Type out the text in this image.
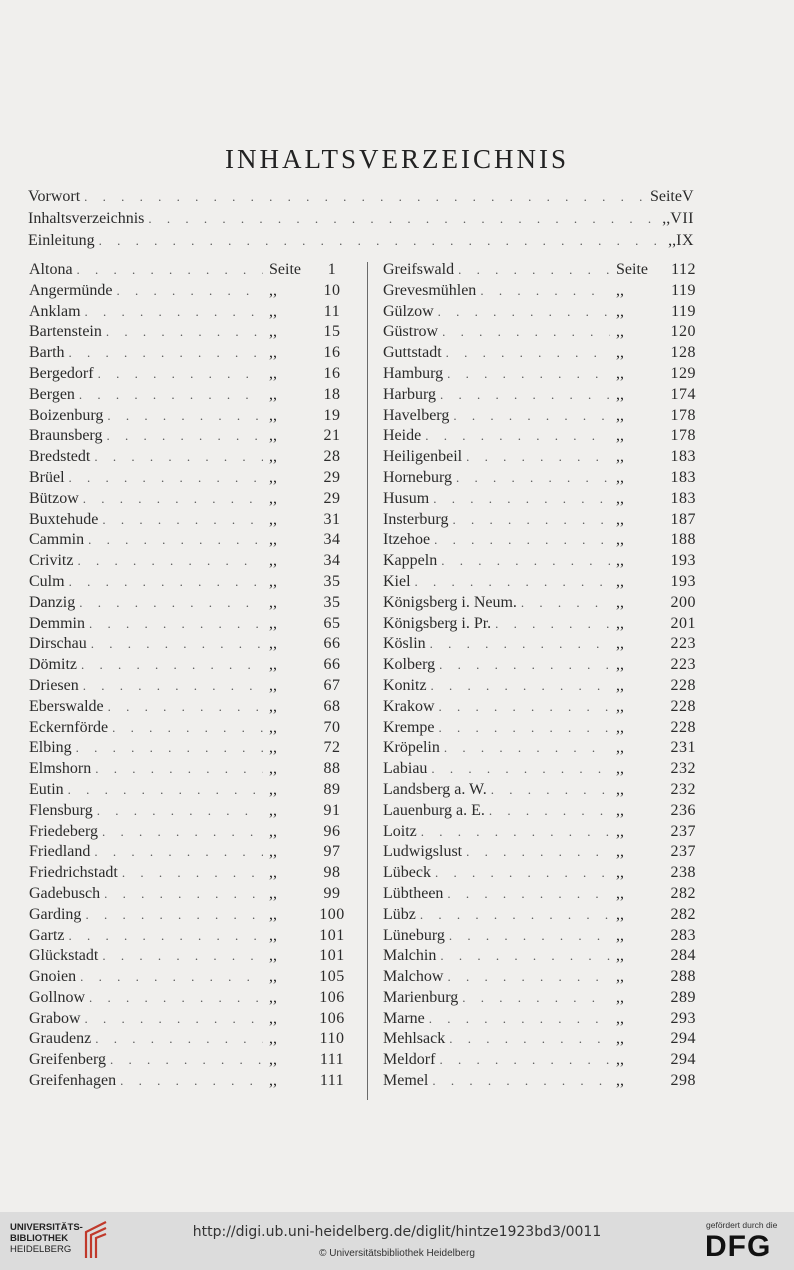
INHALTSVERZEICHNIS
Vorwort . . .	Seite V
Inhaltsverzeichnis . . .	,, VII
Einleitung . . .	,, IX
Altona . . .	Seite	1
Angermünde . . .	,,	10
Anklam . . .	,,	11
Bartenstein . . .	,,	15
Barth . . .	,,	16
Bergedorf . . .	,,	16
Bergen . . .	,,	18
Boizenburg . . .	,,	19
Braunsberg . . .	,,	21
Bredstedt . . .	,,	28
Brüel . . .	,,	29
Bützow . . .	,,	29
Buxtehude . . .	,,	31
Cammin . . .	,,	34
Crivitz . . .	,,	34
Culm . . .	,,	35
Danzig . . .	,,	35
Demmin . . .	,,	65
Dirschau . . .	,,	66
Dömitz . . .	,,	66
Driesen . . .	,,	67
Eberswalde . . .	,,	68
Eckernförde . . .	,,	70
Elbing . . .	,,	72
Elmshorn . . .	,,	88
Eutin . . .	,,	89
Flensburg . . .	,,	91
Friedeberg . . .	,,	96
Friedland . . .	,,	97
Friedrichstadt . . .	,,	98
Gadebusch . . .	,,	99
Garding . . .	,,	100
Gartz . . .	,,	101
Glückstadt . . .	,,	101
Gnoien . . .	,,	105
Gollnow . . .	,,	106
Grabow . . .	,,	106
Graudenz . . .	,,	110
Greifenberg . . .	,,	111
Greifenhagen . . .	,,	111
Greifswald . . .	Seite	112
Grevesmühlen . . .	,,	119
Gülzow . . .	,,	119
Güstrow . . .	,,	120
Guttstadt . . .	,,	128
Hamburg . . .	,,	129
Harburg . . .	,,	174
Havelberg . . .	,,	178
Heide . . .	,,	178
Heiligenbeil . . .	,,	183
Horneburg . . .	,,	183
Husum . . .	,,	183
Insterburg . . .	,,	187
Itzehoe . . .	,,	188
Kappeln . . .	,,	193
Kiel . . .	,,	193
Königsberg i. Neum. . . .	,,	200
Königsberg i. Pr. . . .	,,	201
Köslin . . .	,,	223
Kolberg . . .	,,	223
Konitz . . .	,,	228
Krakow . . .	,,	228
Krempe . . .	,,	228
Kröpelin . . .	,,	231
Labiau . . .	,,	232
Landsberg a. W. . . .	,,	232
Lauenburg a. E. . . .	,,	236
Loitz . . .	,,	237
Ludwigslust . . .	,,	237
Lübeck . . .	,,	238
Lübtheen . . .	,,	282
Lübz . . .	,,	282
Lüneburg . . .	,,	283
Malchin . . .	,,	284
Malchow . . .	,,	288
Marienburg . . .	,,	289
Marne . . .	,,	293
Mehlsack . . .	,,	294
Meldorf . . .	,,	294
Memel . . .	,,	298
UNIVERSITÄTS-
BIBLIOTHEK
HEIDELBERG
http://digi.ub.uni-heidelberg.de/diglit/hintze1923bd3/0011
© Universitätsbibliothek Heidelberg
gefördert durch die
DFG
